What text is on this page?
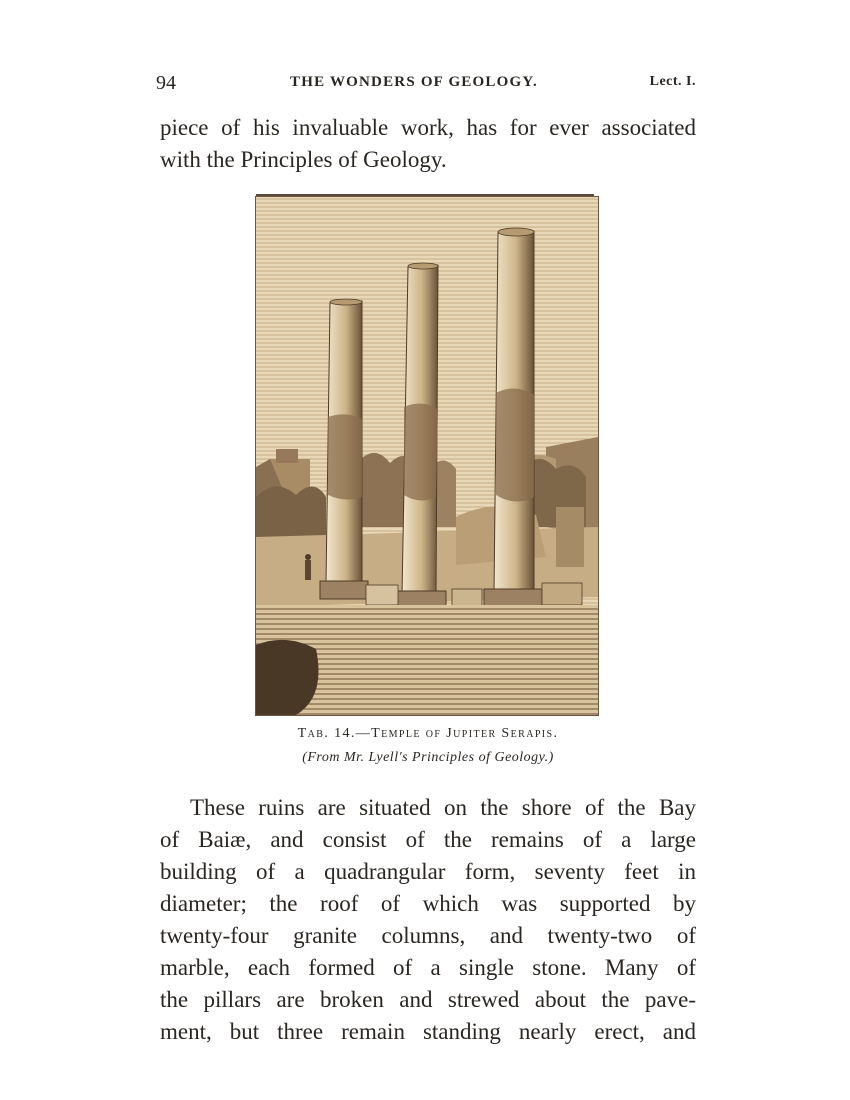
94	THE WONDERS OF GEOLOGY.	Lect. I.
piece of his invaluable work, has for ever associated
with the Principles of Geology.
Tab. 14.—Temple of Jupiter Serapis.
(From Mr. Lyell's Principles of Geology.)
These ruins are situated on the shore of the Bay
of Baiæ, and consist of the remains of a large
building of a quadrangular form, seventy feet in
diameter; the roof of which was supported by
twenty-four granite columns, and twenty-two of
marble, each formed of a single stone. Many of
the pillars are broken and strewed about the pave-
ment, but three remain standing nearly erect, and
